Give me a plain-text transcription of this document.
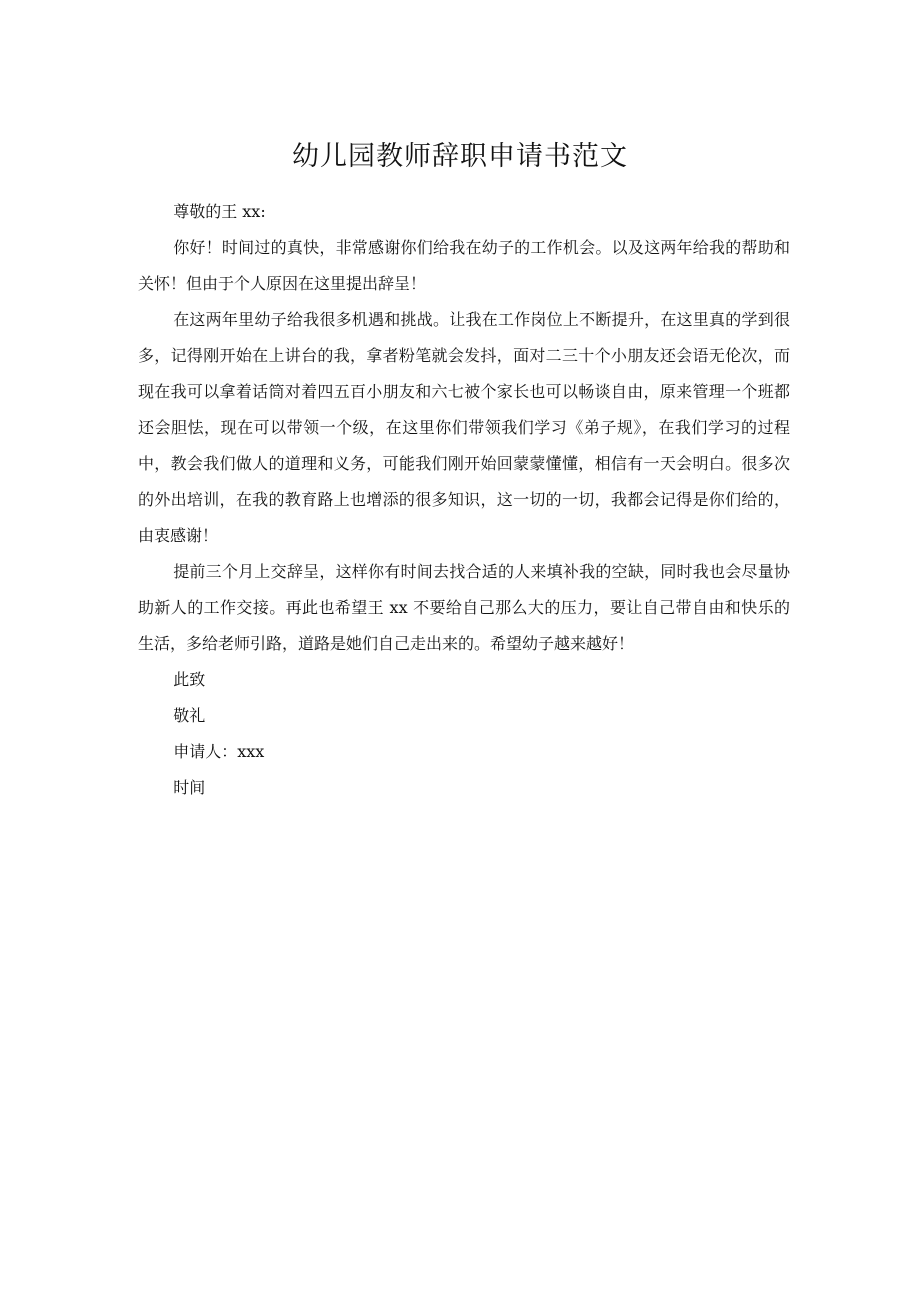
幼儿园教师辞职申请书范文

尊敬的王 xx:

你好！时间过的真快，非常感谢你们给我在幼子的工作机会。以及这两年给我的帮助和关怀！但由于个人原因在这里提出辞呈！

在这两年里幼子给我很多机遇和挑战。让我在工作岗位上不断提升，在这里真的学到很多，记得刚开始在上讲台的我，拿者粉笔就会发抖，面对二三十个小朋友还会语无伦次，而现在我可以拿着话筒对着四五百小朋友和六七被个家长也可以畅谈自由，原来管理一个班都还会胆怯，现在可以带领一个级，在这里你们带领我们学习《弟子规》，在我们学习的过程中，教会我们做人的道理和义务，可能我们刚开始回蒙蒙懂懂，相信有一天会明白。很多次的外出培训，在我的教育路上也增添的很多知识，这一切的一切，我都会记得是你们给的，由衷感谢！

提前三个月上交辞呈，这样你有时间去找合适的人来填补我的空缺，同时我也会尽量协助新人的工作交接。再此也希望王 xx 不要给自己那么大的压力，要让自己带自由和快乐的生活，多给老师引路，道路是她们自己走出来的。希望幼子越来越好！

此致

敬礼

申请人：xxx

时间
